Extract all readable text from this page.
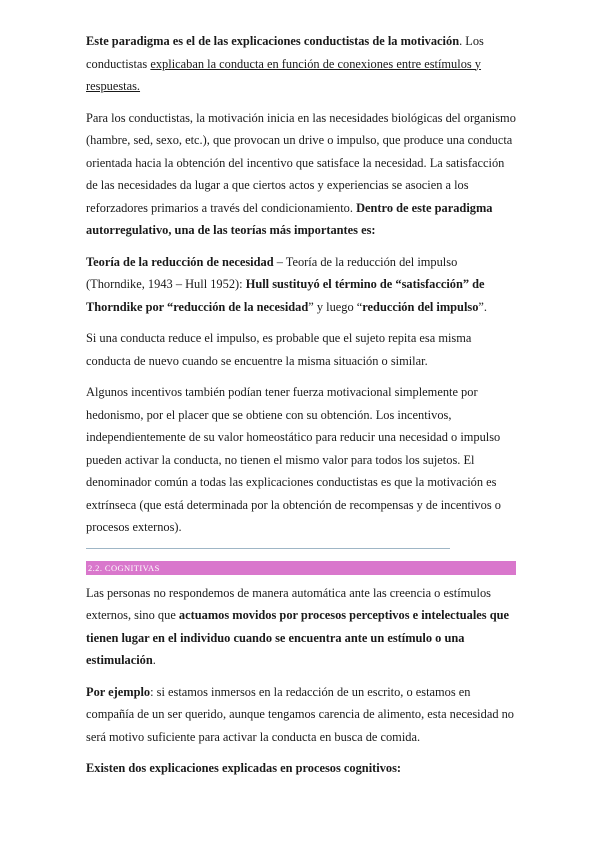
Este paradigma es el de las explicaciones conductistas de la motivación. Los conductistas explicaban la conducta en función de conexiones entre estímulos y respuestas.

Para los conductistas, la motivación inicia en las necesidades biológicas del organismo (hambre, sed, sexo, etc.), que provocan un drive o impulso, que produce una conducta orientada hacia la obtención del incentivo que satisface la necesidad. La satisfacción de las necesidades da lugar a que ciertos actos y experiencias se asocien a los reforzadores primarios a través del condicionamiento. Dentro de este paradigma autorregulativo, una de las teorías más importantes es:

Teoría de la reducción de necesidad – Teoría de la reducción del impulso (Thorndike, 1943 – Hull 1952): Hull sustituyó el término de “satisfacción” de Thorndike por “reducción de la necesidad” y luego “reducción del impulso”.

Si una conducta reduce el impulso, es probable que el sujeto repita esa misma conducta de nuevo cuando se encuentre la misma situación o similar.

Algunos incentivos también podían tener fuerza motivacional simplemente por hedonismo, por el placer que se obtiene con su obtención. Los incentivos, independientemente de su valor homeostático para reducir una necesidad o impulso pueden activar la conducta, no tienen el mismo valor para todos los sujetos. El denominador común a todas las explicaciones conductistas es que la motivación es extrínseca (que está determinada por la obtención de recompensas y de incentivos o procesos externos).

2.2. COGNITIVAS

Las personas no respondemos de manera automática ante las creencia o estímulos externos, sino que actuamos movidos por procesos perceptivos e intelectuales que tienen lugar en el individuo cuando se encuentra ante un estímulo o una estimulación.

Por ejemplo: si estamos inmersos en la redacción de un escrito, o estamos en compañía de un ser querido, aunque tengamos carencia de alimento, esta necesidad no será motivo suficiente para activar la conducta en busca de comida.

Existen dos explicaciones explicadas en procesos cognitivos:
